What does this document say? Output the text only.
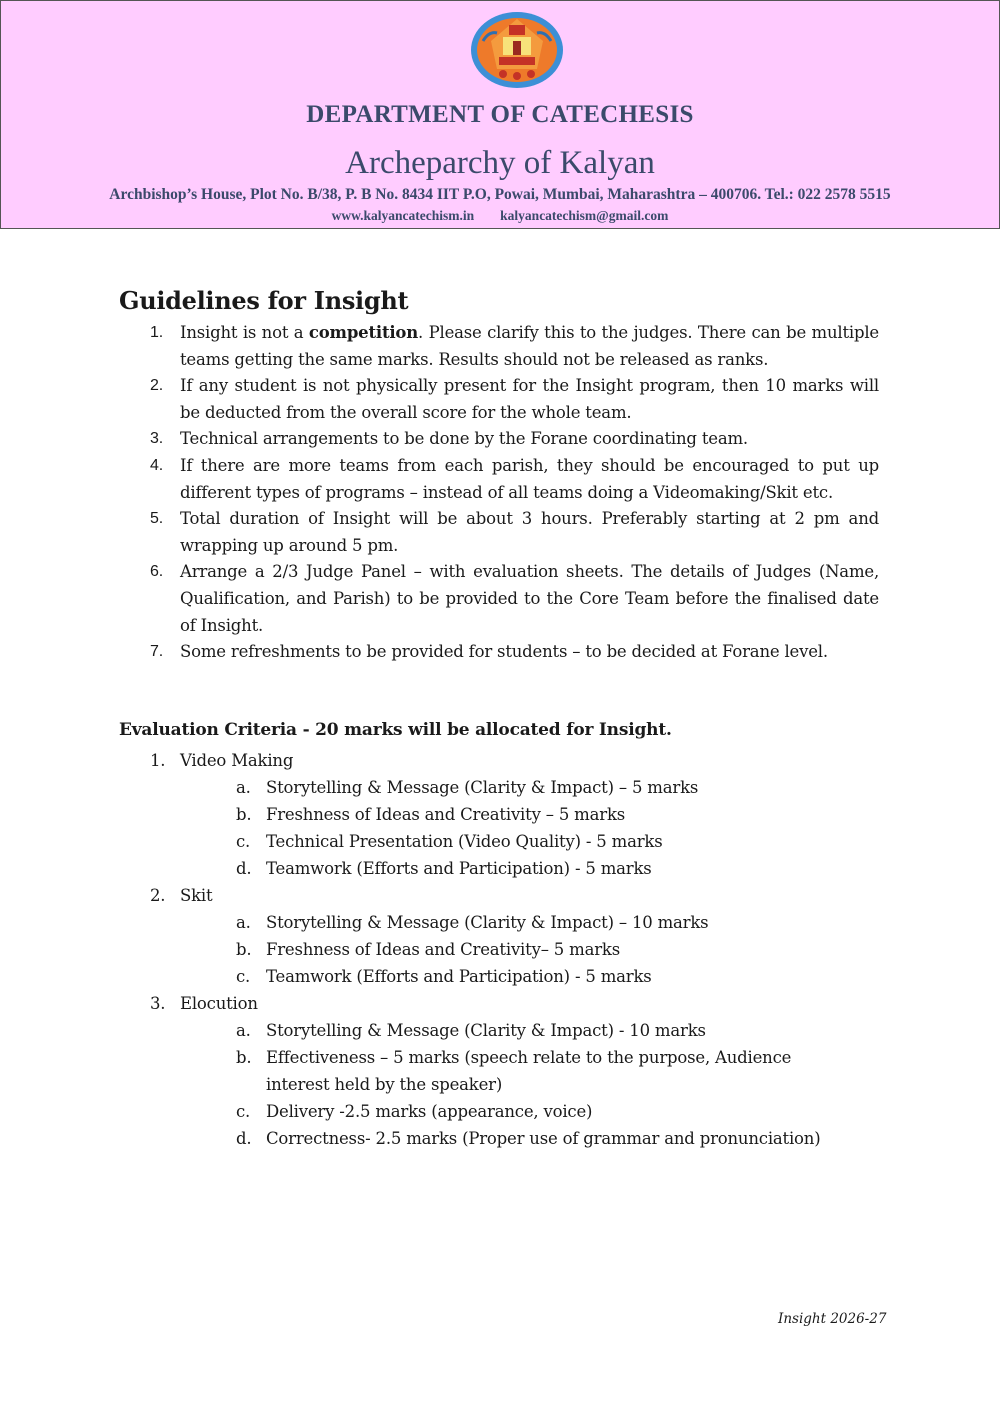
DEPARTMENT OF CATECHESIS
Archeparchy of Kalyan
Archbishop’s House, Plot No. B/38, P. B No. 8434 IIT P.O, Powai, Mumbai, Maharashtra – 400706. Tel.: 022 2578 5515
www.kalyancatechism.in kalyancatechism@gmail.com
Guidelines for Insight
1.	Insight is not a competition. Please clarify this to the judges. There can be multiple teams getting the same marks. Results should not be released as ranks.
2.	If any student is not physically present for the Insight program, then 10 marks will be deducted from the overall score for the whole team.
3.	Technical arrangements to be done by the Forane coordinating team.
4.	If there are more teams from each parish, they should be encouraged to put up different types of programs – instead of all teams doing a Videomaking/Skit etc.
5.	Total duration of Insight will be about 3 hours. Preferably starting at 2 pm and wrapping up around 5 pm.
6.	Arrange a 2/3 Judge Panel – with evaluation sheets. The details of Judges (Name, Qualification, and Parish) to be provided to the Core Team before the finalised date of Insight.
7.	Some refreshments to be provided for students – to be decided at Forane level.
Evaluation Criteria - 20 marks will be allocated for Insight.
1. Video Making
a. Storytelling & Message (Clarity & Impact) – 5 marks
b. Freshness of Ideas and Creativity – 5 marks
c. Technical Presentation (Video Quality) - 5 marks
d. Teamwork (Efforts and Participation) - 5 marks
2. Skit
a. Storytelling & Message (Clarity & Impact) – 10 marks
b. Freshness of Ideas and Creativity– 5 marks
c. Teamwork (Efforts and Participation) - 5 marks
3. Elocution
a. Storytelling & Message (Clarity & Impact) - 10 marks
b. Effectiveness – 5 marks (speech relate to the purpose, Audience interest held by the speaker)
c. Delivery -2.5 marks (appearance, voice)
d. Correctness- 2.5 marks (Proper use of grammar and pronunciation)
Insight 2026-27
